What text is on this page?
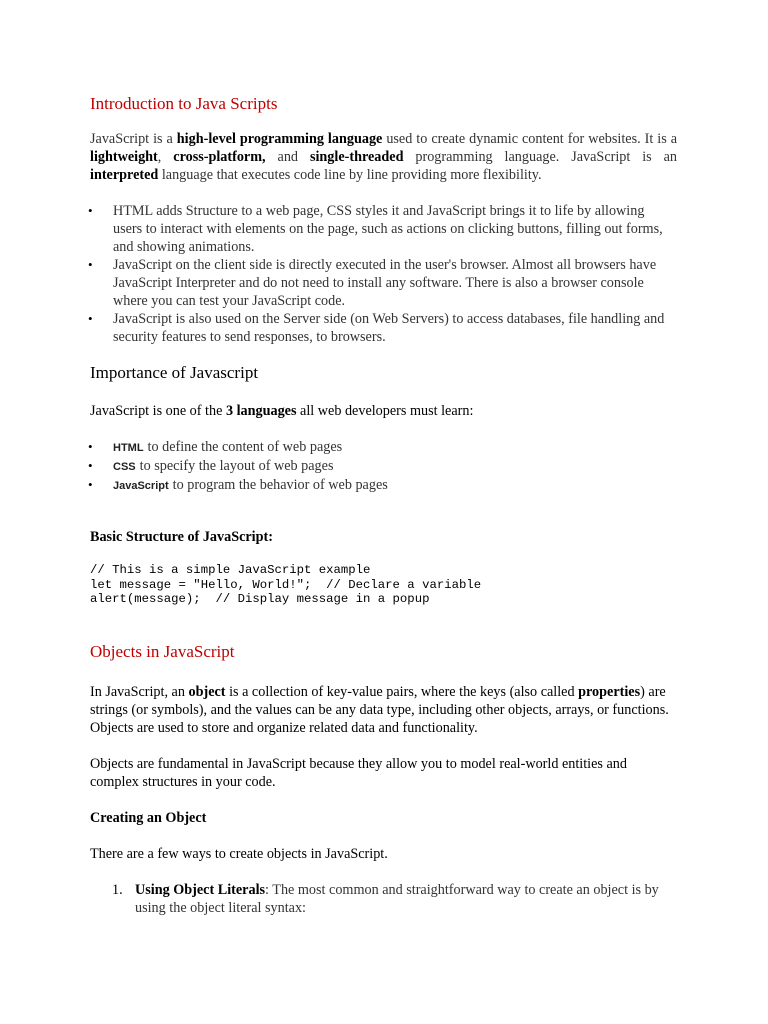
Introduction to Java Scripts

JavaScript is a high-level programming language used to create dynamic content for websites. It is a lightweight, cross-platform, and single-threaded programming language. JavaScript is an interpreted language that executes code line by line providing more flexibility.

• HTML adds Structure to a web page, CSS styles it and JavaScript brings it to life by allowing users to interact with elements on the page, such as actions on clicking buttons, filling out forms, and showing animations.
• JavaScript on the client side is directly executed in the user's browser. Almost all browsers have JavaScript Interpreter and do not need to install any software. There is also a browser console where you can test your JavaScript code.
• JavaScript is also used on the Server side (on Web Servers) to access databases, file handling and security features to send responses, to browsers.
Importance of Javascript

JavaScript is one of the 3 languages all web developers must learn:

• HTML to define the content of web pages
• CSS to specify the layout of web pages
• JavaScript to program the behavior of web pages

Basic Structure of JavaScript:

// This is a simple JavaScript example
let message = "Hello, World!";  // Declare a variable
alert(message);  // Display message in a popup
Objects in JavaScript

In JavaScript, an object is a collection of key-value pairs, where the keys (also called properties) are strings (or symbols), and the values can be any data type, including other objects, arrays, or functions. Objects are used to store and organize related data and functionality.

Objects are fundamental in JavaScript because they allow you to model real-world entities and complex structures in your code.

Creating an Object

There are a few ways to create objects in JavaScript.

1. Using Object Literals: The most common and straightforward way to create an object is by using the object literal syntax:
